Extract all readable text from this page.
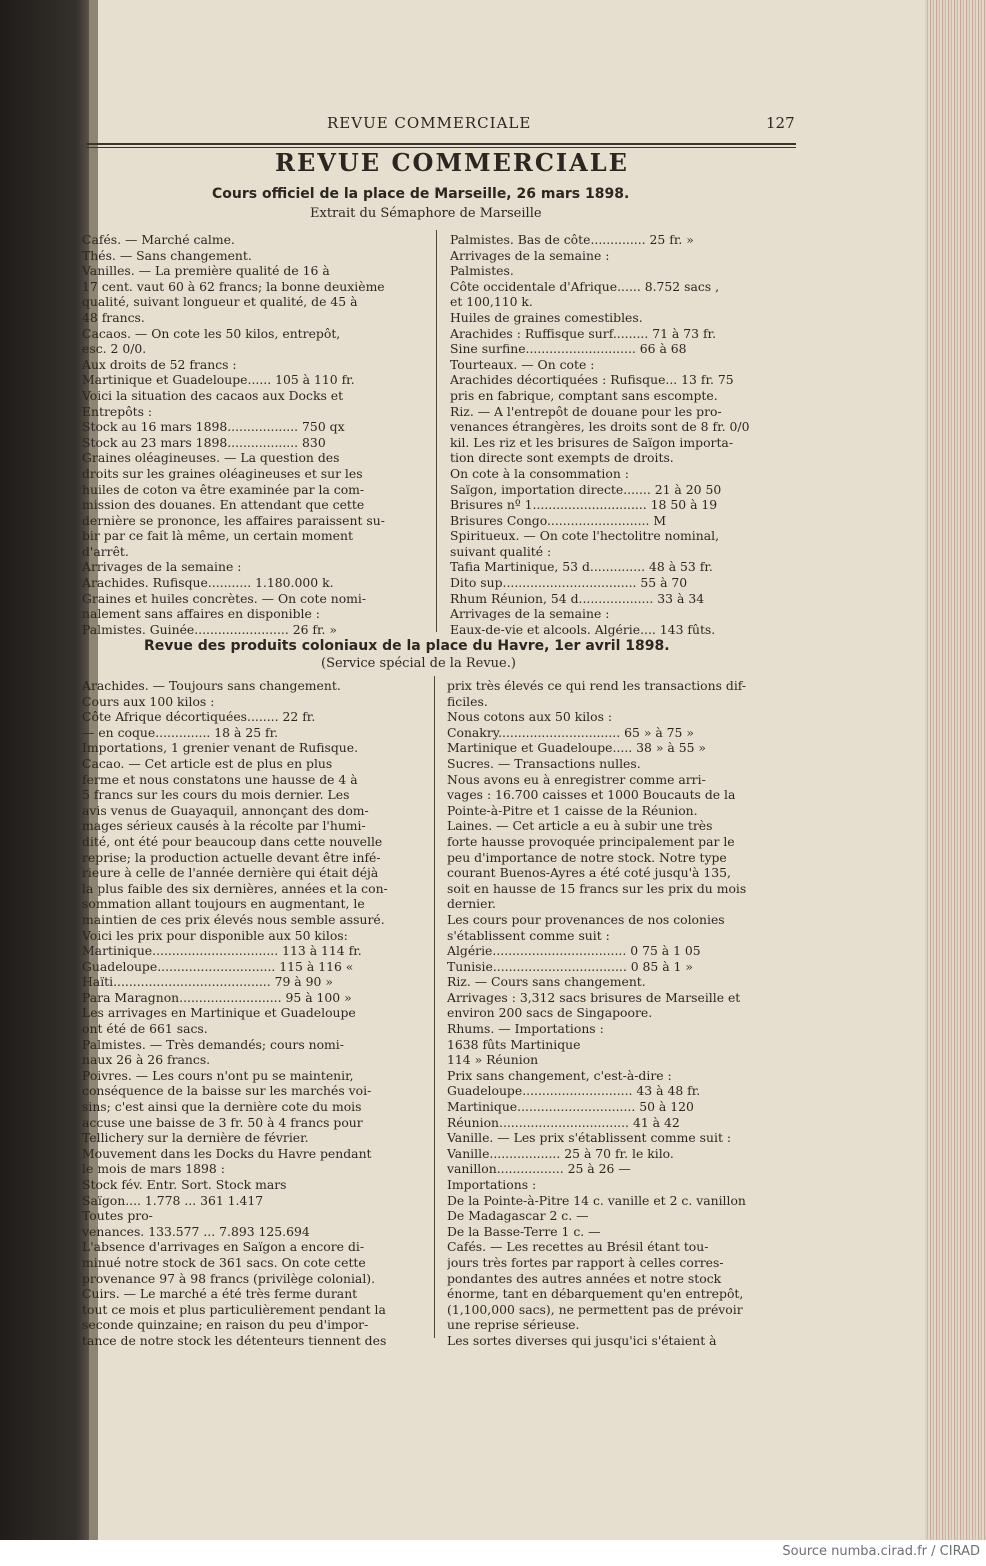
REVUE COMMERCIALE	127
REVUE COMMERCIALE
Cours officiel de la place de Marseille, 26 mars 1898.
Extrait du Sémaphore de Marseille
Cafés. — Marché calme.
Thés. — Sans changement.
Vanilles. — La première qualité de 16 à
17 cent. vaut 60 à 62 francs; la bonne deuxième
qualité, suivant longueur et qualité, de 45 à
48 francs.
Cacaos. — On cote les 50 kilos, entrepôt,
esc. 2 0/0.
Aux droits de 52 francs :
Martinique et Guadeloupe...... 105 à 110 fr.
Voici la situation des cacaos aux Docks et
Entrepôts :
Stock au 16 mars 1898.................. 750 qx
Stock au 23 mars 1898.................. 830
Graines oléagineuses. — La question des
droits sur les graines oléagineuses et sur les
huiles de coton va être examinée par la com-
mission des douanes. En attendant que cette
dernière se prononce, les affaires paraissent su-
bir par ce fait là même, un certain moment
d'arrêt.
Arrivages de la semaine :
Arachides. Rufisque........... 1.180.000 k.
Graines et huiles concrètes. — On cote nomi-
nalement sans affaires en disponible :
Palmistes. Guinée........................ 26 fr. »
Palmistes. Bas de côte.............. 25 fr. »
Arrivages de la semaine :
Palmistes.
Côte occidentale d'Afrique...... 8.752 sacs ,
et 100,110 k.
Huiles de graines comestibles.
Arachides : Ruffisque surf......... 71 à 73 fr.
Sine surfine............................ 66 à 68
Tourteaux. — On cote :
Arachides décortiquées : Rufisque... 13 fr. 75
pris en fabrique, comptant sans escompte.
Riz. — A l'entrepôt de douane pour les pro-
venances étrangères, les droits sont de 8 fr. 0/0
kil. Les riz et les brisures de Saïgon importa-
tion directe sont exempts de droits.
On cote à la consommation :
Saïgon, importation directe....... 21 à 20 50
Brisures nº 1............................. 18 50 à 19
Brisures Congo.......................... M
Spiritueux. — On cote l'hectolitre nominal,
suivant qualité :
Tafia Martinique, 53 d.............. 48 à 53 fr.
Dito sup.................................. 55 à 70
Rhum Réunion, 54 d................... 33 à 34
Arrivages de la semaine :
Eaux-de-vie et alcools. Algérie.... 143 fûts.
Revue des produits coloniaux de la place du Havre, 1er avril 1898.
(Service spécial de la Revue.)
Arachides. — Toujours sans changement.
Cours aux 100 kilos :
Côte Afrique décortiquées........ 22 fr.
— en coque.............. 18 à 25 fr.
Importations, 1 grenier venant de Rufisque.
Cacao. — Cet article est de plus en plus
ferme et nous constatons une hausse de 4 à
5 francs sur les cours du mois dernier. Les
avis venus de Guayaquil, annonçant des dom-
mages sérieux causés à la récolte par l'humi-
dité, ont été pour beaucoup dans cette nouvelle
reprise; la production actuelle devant être infé-
rieure à celle de l'année dernière qui était déjà
la plus faible des six dernières, années et la con-
sommation allant toujours en augmentant, le
maintien de ces prix élevés nous semble assuré.
Voici les prix pour disponible aux 50 kilos:
Martinique................................ 113 à 114 fr.
Guadeloupe.............................. 115 à 116 «
Haïti........................................ 79 à 90 »
Para Maragnon.......................... 95 à 100 »
Les arrivages en Martinique et Guadeloupe
ont été de 661 sacs.
Palmistes. — Très demandés; cours nomi-
naux 26 à 26 francs.
Poivres. — Les cours n'ont pu se maintenir,
conséquence de la baisse sur les marchés voi-
sins; c'est ainsi que la dernière cote du mois
accuse une baisse de 3 fr. 50 à 4 francs pour
Tellichery sur la dernière de février.
Mouvement dans les Docks du Havre pendant
le mois de mars 1898 :
Stock fév. Entr. Sort. Stock mars
Saïgon.... 1.778 ... 361 1.417
Toutes pro-
venances. 133.577 ... 7.893 125.694
L'absence d'arrivages en Saïgon a encore di-
minué notre stock de 361 sacs. On cote cette
provenance 97 à 98 francs (privilège colonial).
Cuirs. — Le marché a été très ferme durant
tout ce mois et plus particulièrement pendant la
seconde quinzaine; en raison du peu d'impor-
tance de notre stock les détenteurs tiennent des
prix très élevés ce qui rend les transactions dif-
ficiles.
Nous cotons aux 50 kilos :
Conakry............................... 65 » à 75 »
Martinique et Guadeloupe..... 38 » à 55 »
Sucres. — Transactions nulles.
Nous avons eu à enregistrer comme arri-
vages : 16.700 caisses et 1000 Boucauts de la
Pointe-à-Pitre et 1 caisse de la Réunion.
Laines. — Cet article a eu à subir une très
forte hausse provoquée principalement par le
peu d'importance de notre stock. Notre type
courant Buenos-Ayres a été coté jusqu'à 135,
soit en hausse de 15 francs sur les prix du mois
dernier.
Les cours pour provenances de nos colonies
s'établissent comme suit :
Algérie.................................. 0 75 à 1 05
Tunisie.................................. 0 85 à 1 »
Riz. — Cours sans changement.
Arrivages : 3,312 sacs brisures de Marseille et
environ 200 sacs de Singapoore.
Rhums. — Importations :
1638 fûts Martinique
114 » Réunion
Prix sans changement, c'est-à-dire :
Guadeloupe............................ 43 à 48 fr.
Martinique.............................. 50 à 120
Réunion................................. 41 à 42
Vanille. — Les prix s'établissent comme suit :
Vanille.................. 25 à 70 fr. le kilo.
vanillon................. 25 à 26 —
Importations :
De la Pointe-à-Pitre 14 c. vanille et 2 c. vanillon
De Madagascar 2 c. —
De la Basse-Terre 1 c. —
Cafés. — Les recettes au Brésil étant tou-
jours très fortes par rapport à celles corres-
pondantes des autres années et notre stock
énorme, tant en débarquement qu'en entrepôt,
(1,100,000 sacs), ne permettent pas de prévoir
une reprise sérieuse.
Les sortes diverses qui jusqu'ici s'étaient à
Source numba.cirad.fr / CIRAD
